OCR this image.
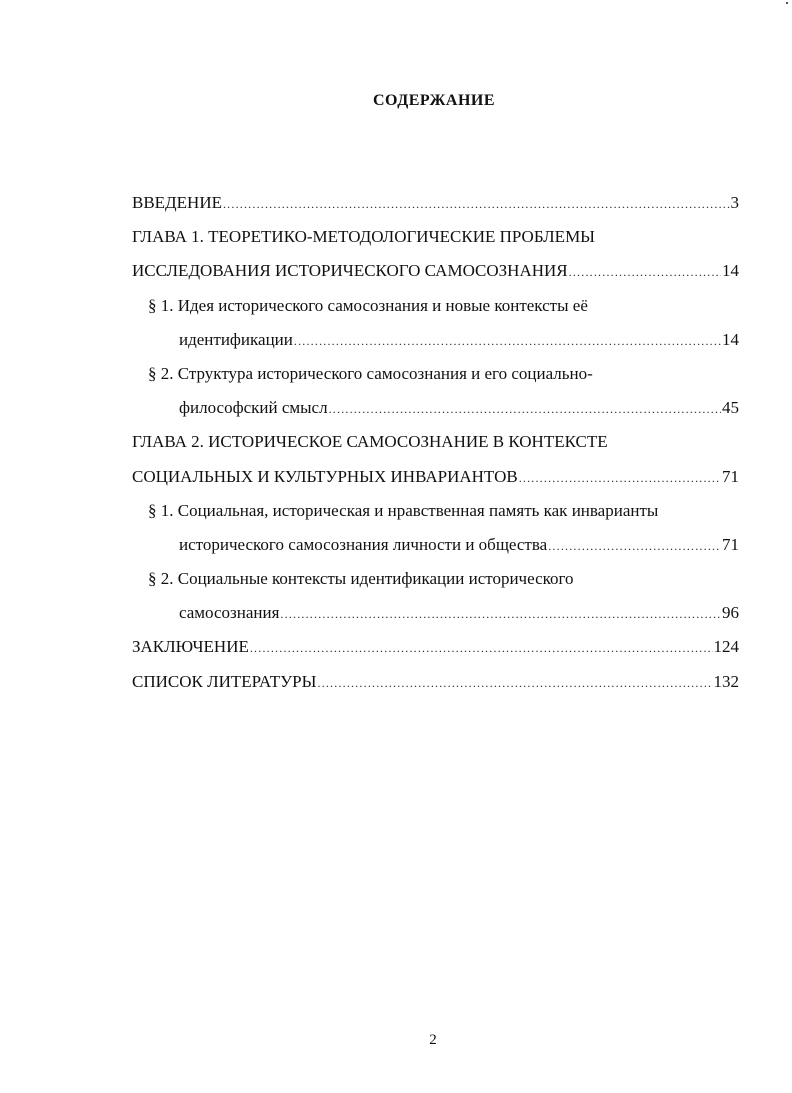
СОДЕРЖАНИЕ
ВВЕДЕНИЕ .....	3
ГЛАВА 1. ТЕОРЕТИКО-МЕТОДОЛОГИЧЕСКИЕ ПРОБЛЕМЫ
ИССЛЕДОВАНИЯ ИСТОРИЧЕСКОГО САМОСОЗНАНИЯ .....	14
§ 1. Идея исторического самосознания и новые контексты её
идентификации .....	14
§ 2. Структура исторического самосознания и его социально-
философский смысл .....	45
ГЛАВА 2. ИСТОРИЧЕСКОЕ САМОСОЗНАНИЕ В КОНТЕКСТЕ
СОЦИАЛЬНЫХ И КУЛЬТУРНЫХ ИНВАРИАНТОВ .....	71
§ 1. Социальная, историческая и нравственная память как инварианты
исторического самосознания личности и общества .....	71
§ 2. Социальные контексты идентификации исторического
самосознания .....	96
ЗАКЛЮЧЕНИЕ .....	124
СПИСОК ЛИТЕРАТУРЫ .....	132
2
